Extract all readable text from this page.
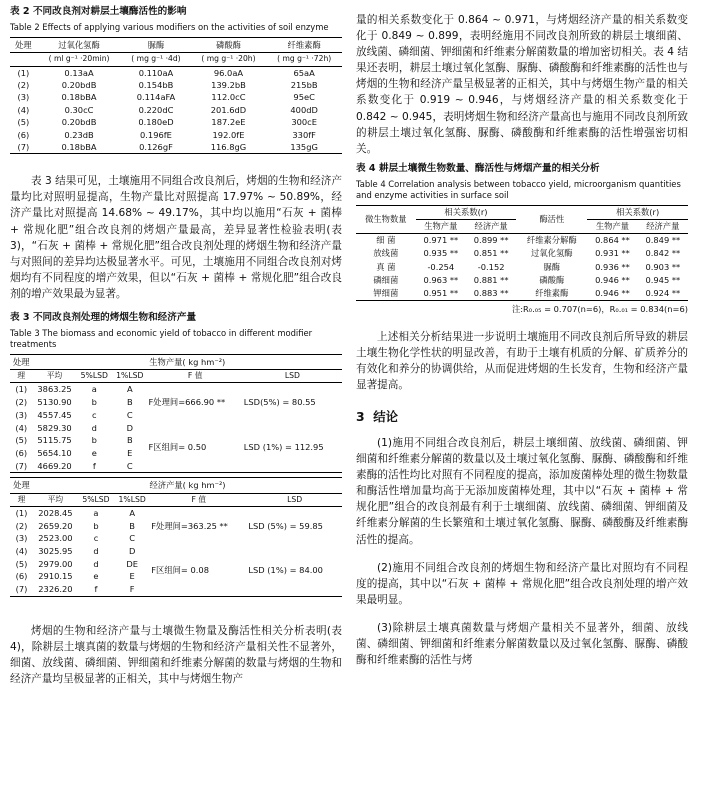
表 2 不同改良剂对耕层土壤酶活性的影响
Table 2 Effects of applying various modifiers on the activities of soil enzyme
处理	过氧化氢酶	脲酶	磷酸酶	纤维素酶
	( ml g⁻¹ ·20min)	( mg g⁻¹ ·4d)	( mg g⁻¹ ·20h)	( mg g⁻¹ ·72h)
(1)	0.13aA	0.110aA	96.0aA	65aA
(2)	0.20bdB	0.154bB	139.2bB	215bB
(3)	0.18bBA	0.114aFA	112.0cC	95eC
(4)	0.30cC	0.220dC	201.6dD	400dD
(5)	0.20bdB	0.180eD	187.2eE	300cE
(6)	0.23dB	0.196fE	192.0fE	330fF
(7)	0.18bBA	0.126gF	116.8gG	135gG

表 3 结果可见，土壤施用不同组合改良剂后，烤烟的生物和经济产量均比对照明显提高，生物产量比对照提高 17.97% ~ 50.89%，经济产量比对照提高 14.68% ~ 49.17%，其中均以施用“石灰 + 菌棒 + 常规化肥”组合改良剂的烤烟产量最高，差异显著性检验表明(表3)，“石灰 + 菌棒 + 常规化肥”组合改良剂处理的烤烟生物和经济产量与对照间的差异均达极显著水平。可见，土壤施用不同组合改良剂对烤烟均有不同程度的增产效果，但以“石灰 + 菌棒 + 常规化肥”组合改良剂的增产效果最为显著。

表 3 不同改良剂处理的烤烟生物和经济产量
Table 3 The biomass and economic yield of tobacco in different modifier treatments
处理	生物产量( kg hm⁻²)				
理	平均	5%LSD	1%LSD	F 值	LSD
(1)	3863.25	a	A	F处理间=666.90 **	LSD(5%) = 80.55
(2)	5130.90	b	B		
(3)	4557.45	c	C		
(4)	5829.30	d	D	F区组间= 0.50	LSD (1%) = 112.95
(5)	5115.75	b	B		
(6)	5654.10	e	E		
(7)	4669.20	f	C		
处理	经济产量( kg hm⁻²)				
理	平均	5%LSD	1%LSD	F 值	LSD
(1)	2028.45	a	A	F处理间=363.25 **	LSD (5%) = 59.85
(2)	2659.20	b	B		
(3)	2523.00	c	C		
(4)	3025.95	d	D	F区组间= 0.08	LSD (1%) = 84.00
(5)	2979.00	d	DE		
(6)	2910.15	e	E		
(7)	2326.20	f	F		

烤烟的生物和经济产量与土壤微生物量及酶活性相关分析表明(表4)，除耕层土壤真菌的数量与烤烟的生物和经济产量相关性不显著外，细菌、放线菌、磷细菌、钾细菌和纤维素分解菌的数量与烤烟的生物和经济产量均呈极显著的正相关，其中与烤烟生物产

量的相关系数变化于 0.864 ~ 0.971，与烤烟经济产量的相关系数变化于 0.849 ~ 0.899，表明经施用不同改良剂所致的耕层土壤细菌、放线菌、磷细菌、钾细菌和纤维素分解菌数量的增加密切相关。表 4 结果还表明，耕层土壤过氧化氢酶、脲酶、磷酸酶和纤维素酶的活性也与烤烟的生物和经济产量呈极显著的正相关，其中与烤烟生物产量的相关系数变化于 0.919 ~ 0.946，与烤烟经济产量的相关系数变化于 0.842 ~ 0.945，表明烤烟生物和经济产量高也与施用不同改良剂所致的耕层土壤过氧化氢酶、脲酶、磷酸酶和纤维素酶的活性增强密切相关。

表 4 耕层土壤微生物数量、酶活性与烤烟产量的相关分析
Table 4 Correlation analysis between tobacco yield, microorganism quantities and enzyme activities in surface soil
微生物数量	相关系数(r)		酶活性	相关系数(r)	
	生物产量	经济产量		生物产量	经济产量
细 菌	0.971 **	0.899 **	纤维素分解酶	0.864 **	0.849 **
放线菌	0.935 **	0.851 **	过氧化氢酶	0.931 **	0.842 **
真 菌	-0.254	-0.152	脲酶	0.936 **	0.903 **
磷细菌	0.963 **	0.881 **	磷酸酶	0.946 **	0.945 **
钾细菌	0.951 **	0.883 **	纤维素酶	0.946 **	0.924 **
注:R₀.₀₅ = 0.707(n=6)，R₀.₀₁ = 0.834(n=6)

上述相关分析结果进一步说明土壤施用不同改良剂后所导致的耕层土壤生物化学性状的明显改善，有助于土壤有机质的分解、矿质养分的有效化和养分的协调供给，从而促进烤烟的生长发育，生物和经济产量显著提高。

3 结论

(1)施用不同组合改良剂后，耕层土壤细菌、放线菌、磷细菌、钾细菌和纤维素分解菌的数量以及土壤过氧化氢酶、脲酶、磷酸酶和纤维素酶的活性均比对照有不同程度的提高，添加废菌棒处理的微生物数量和酶活性增加量均高于无添加废菌棒处理，其中以“石灰 + 菌棒 + 常规化肥”组合的改良剂最有利于土壤细菌、放线菌、磷细菌、钾细菌及纤维素分解菌的生长繁殖和土壤过氧化氢酶、脲酶、磷酸酶及纤维素酶活性的提高。

(2)施用不同组合改良剂的烤烟生物和经济产量比对照均有不同程度的提高，其中以“石灰 + 菌棒 + 常规化肥”组合改良剂处理的增产效果最明显。

(3)除耕层土壤真菌数量与烤烟产量相关不显著外，细菌、放线菌、磷细菌、钾细菌和纤维素分解菌数量以及过氧化氢酶、脲酶、磷酸酶和纤维素酶的活性与烤
